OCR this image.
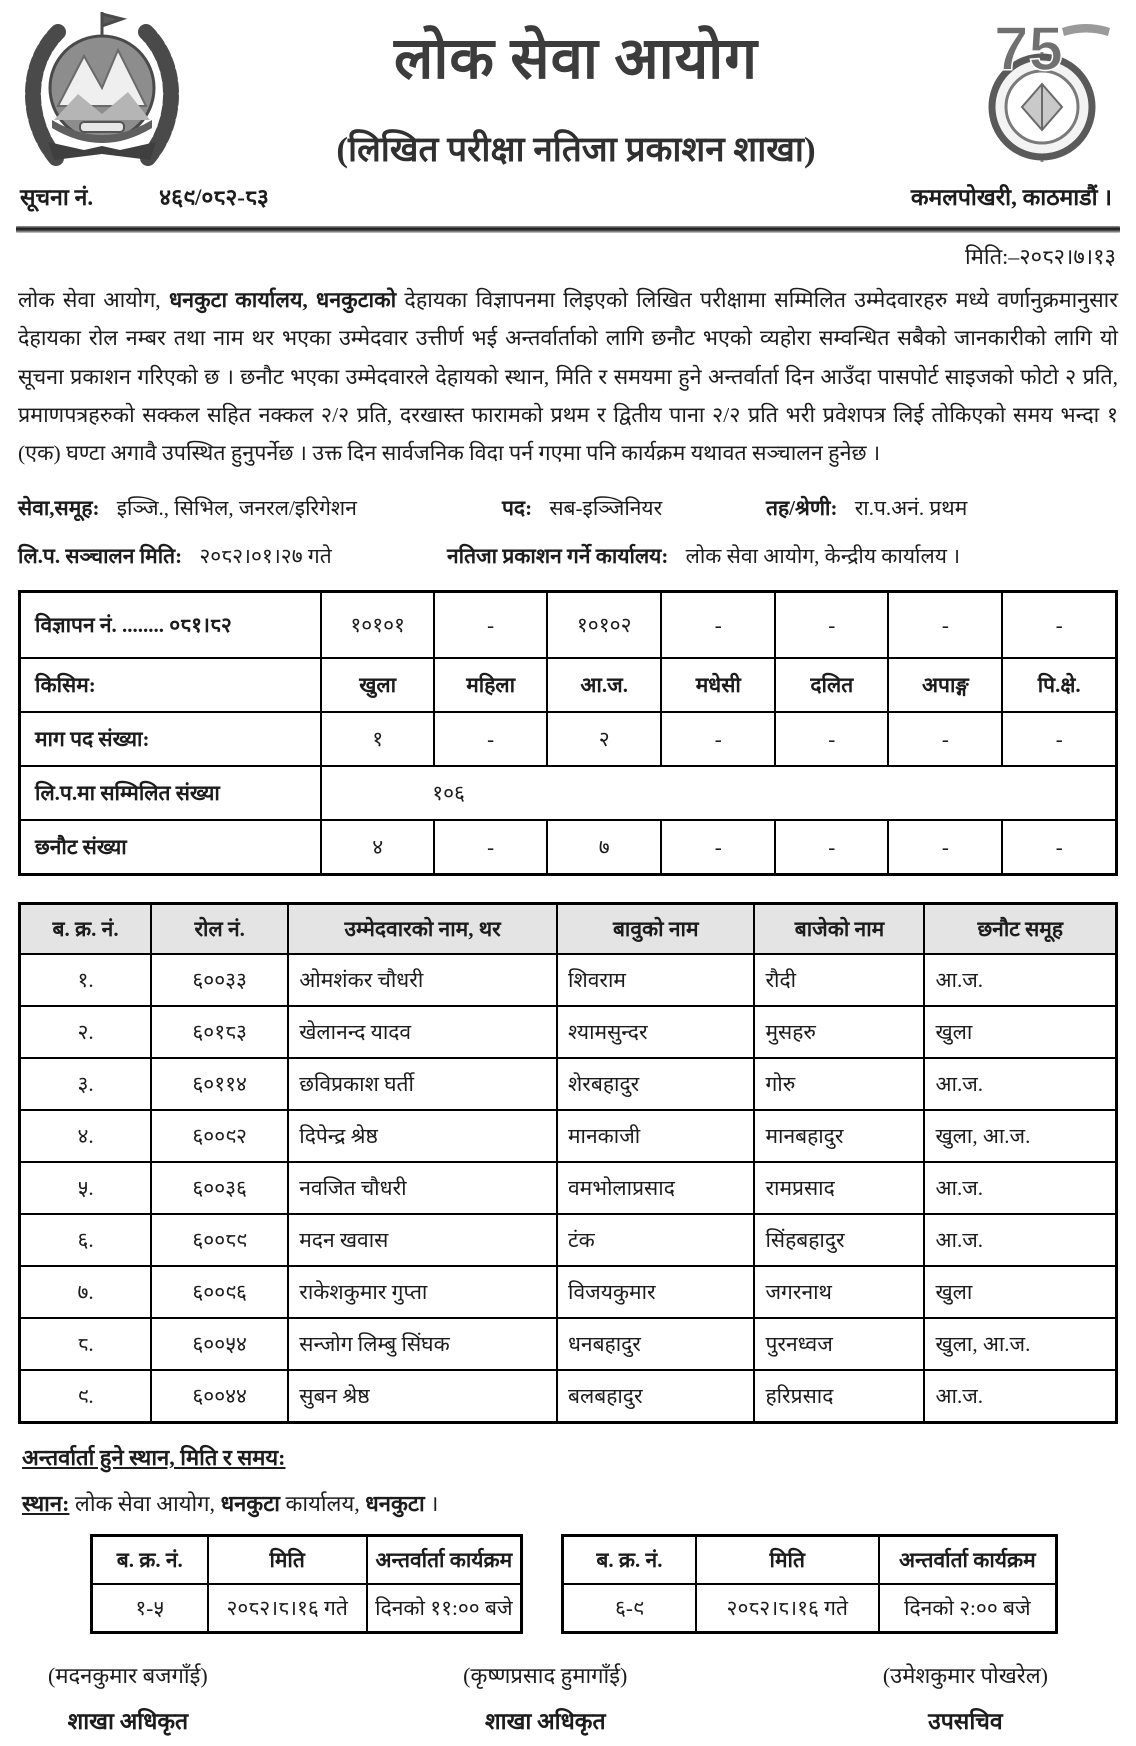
लोक सेवा आयोग
(लिखित परीक्षा नतिजा प्रकाशन शाखा)
75
सूचना नं.	४६९/०८२-८३	कमलपोखरी, काठमाडौं ।
मिति:–२०८२।७।१३
लोक सेवा आयोग, धनकुटा कार्यालय, धनकुटाको देहायका विज्ञापनमा लिइएको लिखित परीक्षामा सम्मिलित उम्मेदवारहरु मध्ये वर्णानुक्रमानुसार देहायका रोल नम्बर तथा नाम थर भएका उम्मेदवार उत्तीर्ण भई अन्तर्वार्ताको लागि छनौट भएको व्यहोरा सम्वन्धित सबैको जानकारीको लागि यो सूचना प्रकाशन गरिएको छ । छनौट भएका उम्मेदवारले देहायको स्थान, मिति र समयमा हुने अन्तर्वार्ता दिन आउँदा पासपोर्ट साइजको फोटो २ प्रति, प्रमाणपत्रहरुको सक्कल सहित नक्कल २/२ प्रति, दरखास्त फारामको प्रथम र द्वितीय पाना २/२ प्रति भरी प्रवेशपत्र लिई तोकिएको समय भन्दा १ (एक) घण्टा अगावै उपस्थित हुनुपर्नेछ । उक्त दिन सार्वजनिक विदा पर्न गएमा पनि कार्यक्रम यथावत सञ्चालन हुनेछ ।
सेवा,समूह: इञ्जि., सिभिल, जनरल/इरिगेशन	पद: सब-इञ्जिनियर	तह/श्रेणी: रा.प.अनं. प्रथम
लि.प. सञ्चालन मिति: २०८२।०१।२७ गते	नतिजा प्रकाशन गर्ने कार्यालय: लोक सेवा आयोग, केन्द्रीय कार्यालय ।
विज्ञापन नं. ........ ०८१।८२	१०१०१	-	१०१०२	-	-	-	-
किसिम:	खुला	महिला	आ.ज.	मधेसी	दलित	अपाङ्ग	पि.क्षे.
माग पद संख्या:	१	-	२	-	-	-	-
लि.प.मा सम्मिलित संख्या	१०६						
छनौट संख्या	४	-	७	-	-	-	-
ब. क्र. नं.	रोल नं.	उम्मेदवारको नाम, थर	बावुको नाम	बाजेको नाम	छनौट समूह
१.	६००३३	ओमशंकर चौधरी	शिवराम	रौदी	आ.ज.
२.	६०१८३	खेलानन्द यादव	श्यामसुन्दर	मुसहरु	खुला
३.	६०११४	छविप्रकाश घर्ती	शेरबहादुर	गोरु	आ.ज.
४.	६००९२	दिपेन्द्र श्रेष्ठ	मानकाजी	मानबहादुर	खुला, आ.ज.
५.	६००३६	नवजित चौधरी	वमभोलाप्रसाद	रामप्रसाद	आ.ज.
६.	६००८९	मदन खवास	टंक	सिंहबहादुर	आ.ज.
७.	६००९६	राकेशकुमार गुप्ता	विजयकुमार	जगरनाथ	खुला
८.	६००५४	सन्जोग लिम्बु सिंघक	धनबहादुर	पुरनध्वज	खुला, आ.ज.
९.	६००४४	सुबन श्रेष्ठ	बलबहादुर	हरिप्रसाद	आ.ज.
अन्तर्वार्ता हुने स्थान, मिति र समय:
स्थान: लोक सेवा आयोग, धनकुटा कार्यालय, धनकुटा ।
ब. क्र. नं.	मिति	अन्तर्वार्ता कार्यक्रम
१-५	२०८२।८।१६ गते	दिनको ११:०० बजे
ब. क्र. नं.	मिति	अन्तर्वार्ता कार्यक्रम
६-९	२०८२।८।१६ गते	दिनको २:०० बजे
(मदनकुमार बजगाँई)
शाखा अधिकृत
(कृष्णप्रसाद हुमागाँई)
शाखा अधिकृत
(उमेशकुमार पोखरेल)
उपसचिव
